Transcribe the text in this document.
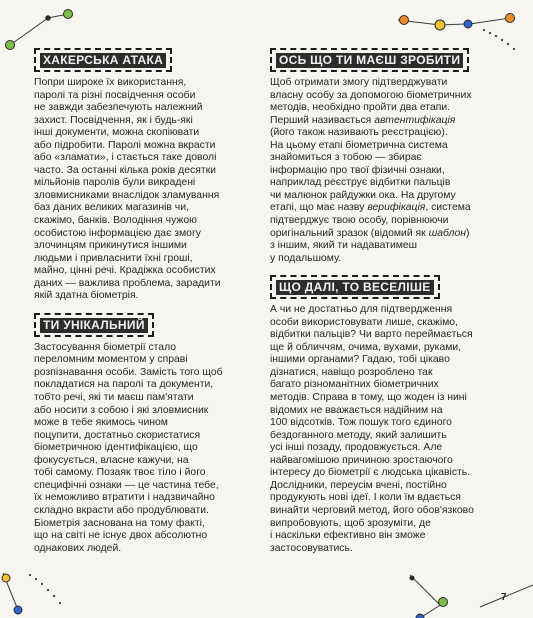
ХАКЕРСЬКА АТАКА

Попри широке їх використання,
паролі та різні посвідчення особи
не завжди забезпечують належний
захист. Посвідчення, як і будь-які
інші документи, можна скопіювати
або підробити. Паролі можна вкрасти
або «зламати», і стається таке доволі
часто. За останні кілька років десятки
мільйонів паролів були викрадені
зловмисниками внаслідок зламування
баз даних великих магазинів чи,
скажімо, банків. Володіння чужою
особистою інформацією дає змогу
злочинцям прикинутися іншими
людьми і привласнити їхні гроші,
майно, цінні речі. Крадіжка особистих
даних — важлива проблема, зарадити
якій здатна біометрія.

ТИ УНІКАЛЬНИЙ

Застосування біометрії стало
переломним моментом у справі
розпізнавання особи. Замість того щоб
покладатися на паролі та документи,
тобто речі, які ти маєш пам'ятати
або носити з собою і які зловмисник
може в тебе якимось чином
поцупити, достатньо скористатися
біометричною ідентифікацією, що
фокусується, власне кажучи, на
тобі самому. Позаяк твоє тіло і його
специфічні ознаки — це частина тебе,
їх неможливо втратити і надзвичайно
складно вкрасти або продублювати.
Біометрія заснована на тому факті,
що на світі не існує двох абсолютно
однакових людей.

ОСЬ ЩО ТИ МАЄШ ЗРОБИТИ

Щоб отримати змогу підтверджувати
власну особу за допомогою біометричних
методів, необхідно пройти два етапи.
Перший називається автентифікація
(його також називають реєстрацією).
На цьому етапі біометрична система
знайомиться з тобою — збирає
інформацію про твої фізичні ознаки,
наприклад реєструє відбитки пальців
чи малюнок райдужки ока. На другому
етапі, що має назву верифікація, система
підтверджує твою особу, порівнюючи
оригінальний зразок (відомий як шаблон)
з іншим, який ти надаватимеш
у подальшому.

ЩО ДАЛІ, ТО ВЕСЕЛІШЕ

А чи не достатньо для підтвердження
особи використовувати лише, скажімо,
відбитки пальців? Чи варто переймається
ще й обличчям, очима, вухами, руками,
іншими органами? Гадаю, тобі цікаво
дізнатися, навіщо розроблено так
багато різноманітних біометричних
методів. Справа в тому, що жоден із нині
відомих не вважається надійним на
100 відсотків. Тож пошук того єдиного
бездоганного методу, який залишить
усі інші позаду, продовжується. Але
найвагомішою причиною зростаючого
інтересу до біометрії є людська цікавість.
Дослідники, переусім вчені, постійно
продукують нові ідеї. І коли їм вдається
винайти черговий метод, його обов'язково
випробовують, щоб зрозуміти, де
і наскільки ефективно він зможе
застосовуватись.

7
